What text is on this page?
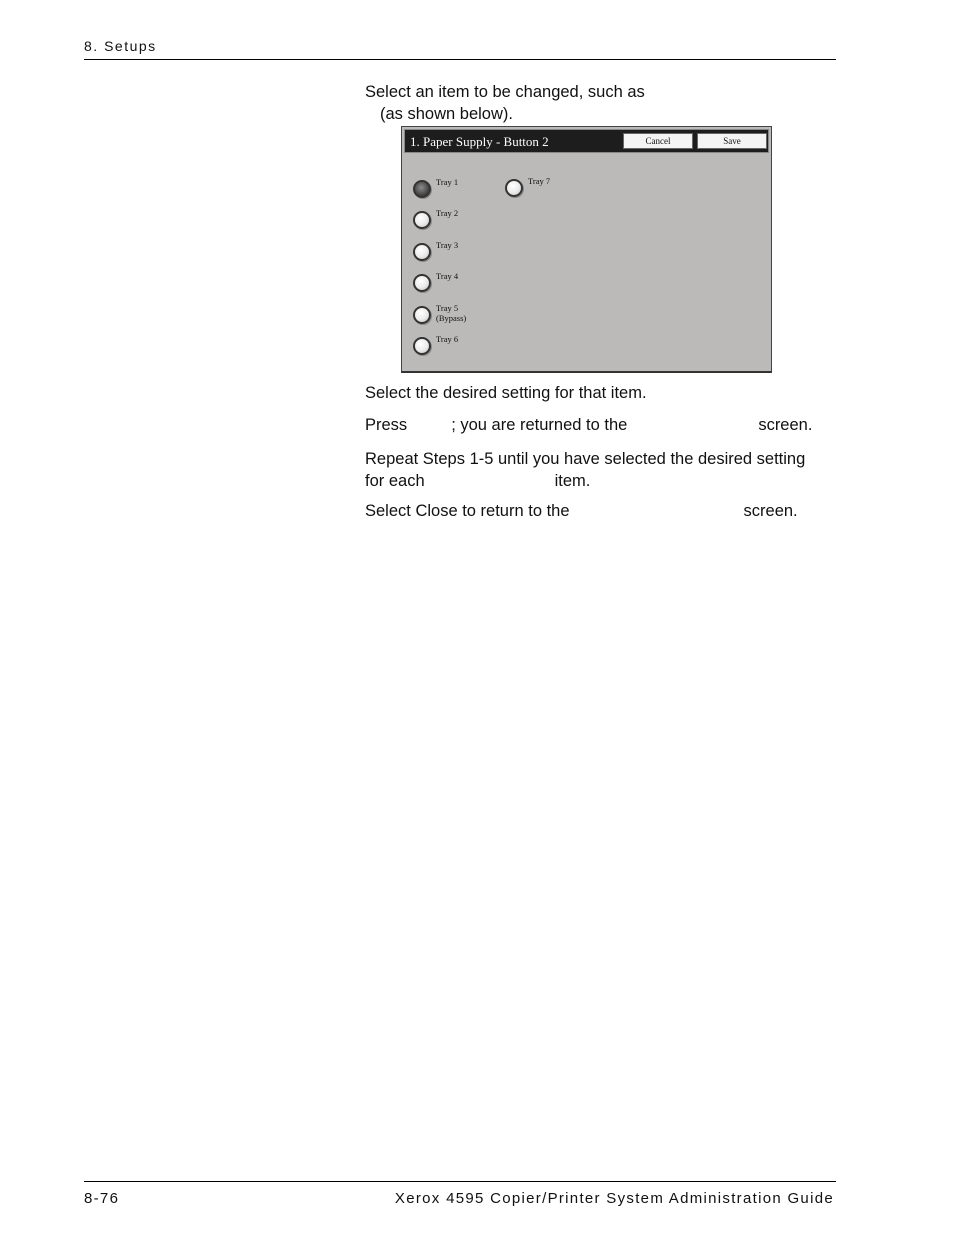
8. Setups
Select an item to be changed, such as
(as shown below).
1. Paper Supply - Button 2	Cancel	Save
Tray 1
Tray 2
Tray 3
Tray 4
Tray 5
(Bypass)
Tray 6
Tray 7
Select the desired setting for that item.
Press	; you are returned to the	screen.
Repeat Steps 1-5 until you have selected the desired setting
for each	item.
Select Close to return to the	screen.
8-76	Xerox 4595 Copier/Printer System Administration Guide
